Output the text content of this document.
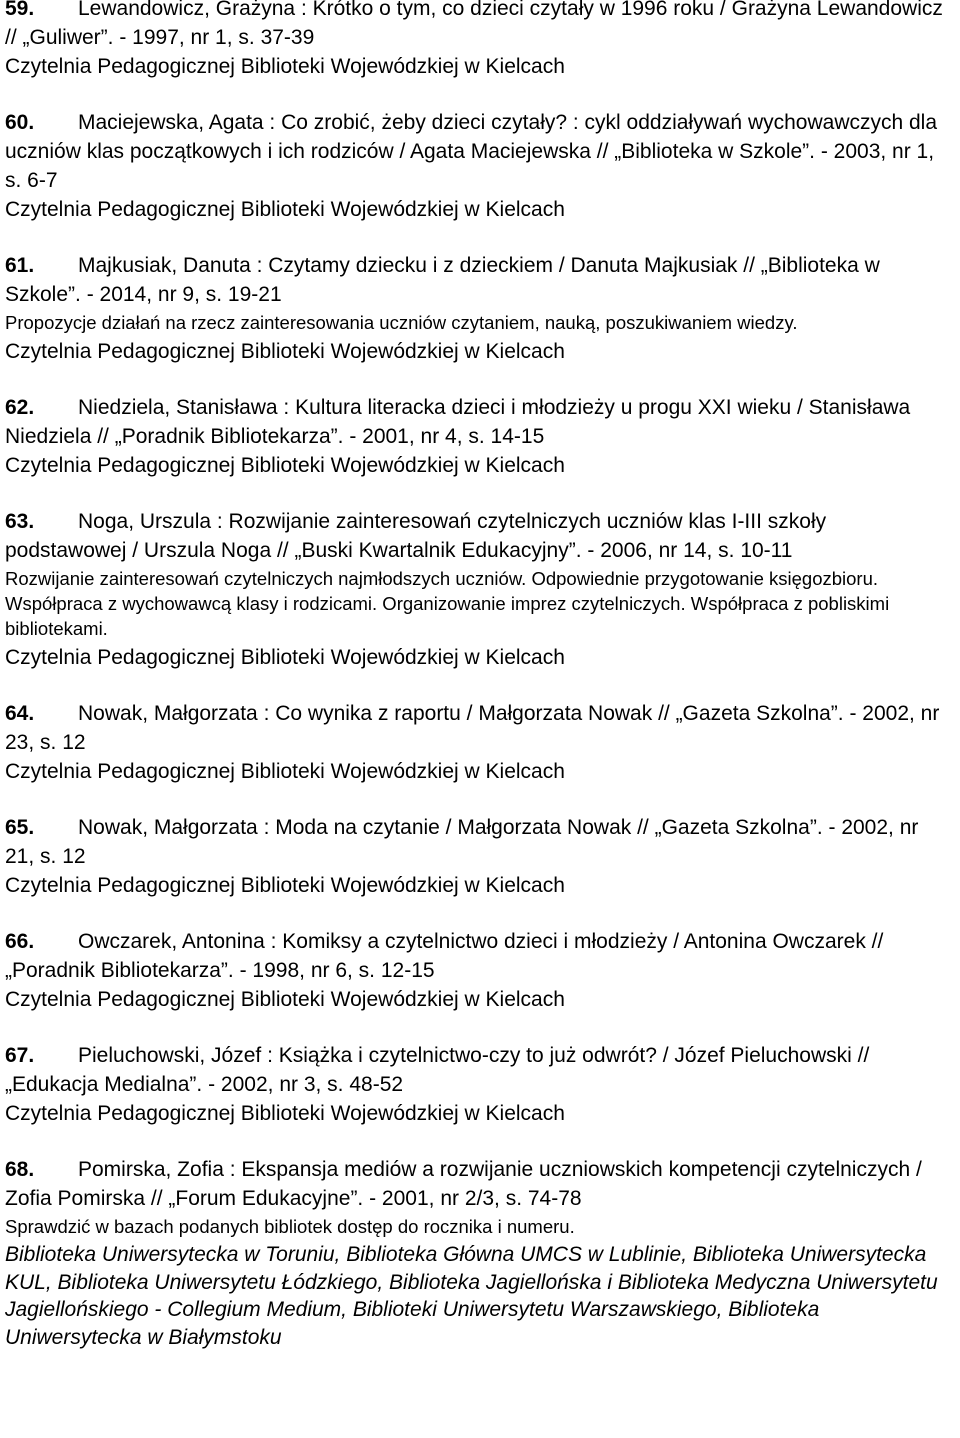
59. Lewandowicz, Grażyna : Krótko o tym, co dzieci czytały w 1996 roku / Grażyna Lewandowicz // „Guliwer”. - 1997, nr 1, s. 37-39

Czytelnia Pedagogicznej Biblioteki Wojewódzkiej w Kielcach

60. Maciejewska, Agata : Co zrobić, żeby dzieci czytały? : cykl oddziaływań wychowawczych dla uczniów klas początkowych i ich rodziców / Agata Maciejewska // „Biblioteka w Szkole”. - 2003, nr 1, s. 6-7

Czytelnia Pedagogicznej Biblioteki Wojewódzkiej w Kielcach

61. Majkusiak, Danuta : Czytamy dziecku i z dzieckiem / Danuta Majkusiak // „Biblioteka w Szkole”. - 2014, nr 9, s. 19-21

Propozycje działań na rzecz zainteresowania uczniów czytaniem, nauką, poszukiwaniem wiedzy.

Czytelnia Pedagogicznej Biblioteki Wojewódzkiej w Kielcach

62. Niedziela, Stanisława : Kultura literacka dzieci i młodzieży u progu XXI wieku / Stanisława Niedziela // „Poradnik Bibliotekarza”. - 2001, nr 4, s. 14-15

Czytelnia Pedagogicznej Biblioteki Wojewódzkiej w Kielcach

63. Noga, Urszula : Rozwijanie zainteresowań czytelniczych uczniów klas I-III szkoły podstawowej / Urszula Noga // „Buski Kwartalnik Edukacyjny”. - 2006, nr 14, s. 10-11

Rozwijanie zainteresowań czytelniczych najmłodszych uczniów. Odpowiednie przygotowanie księgozbioru. Współpraca z wychowawcą klasy i rodzicami. Organizowanie imprez czytelniczych. Współpraca z pobliskimi bibliotekami.

Czytelnia Pedagogicznej Biblioteki Wojewódzkiej w Kielcach

64. Nowak, Małgorzata : Co wynika z raportu / Małgorzata Nowak // „Gazeta Szkolna”. - 2002, nr 23, s. 12

Czytelnia Pedagogicznej Biblioteki Wojewódzkiej w Kielcach

65. Nowak, Małgorzata : Moda na czytanie / Małgorzata Nowak // „Gazeta Szkolna”. - 2002, nr 21, s. 12

Czytelnia Pedagogicznej Biblioteki Wojewódzkiej w Kielcach

66. Owczarek, Antonina : Komiksy a czytelnictwo dzieci i młodzieży / Antonina Owczarek // „Poradnik Bibliotekarza”. - 1998, nr 6, s. 12-15

Czytelnia Pedagogicznej Biblioteki Wojewódzkiej w Kielcach

67. Pieluchowski, Józef : Książka i czytelnictwo-czy to już odwrót? / Józef Pieluchowski // „Edukacja Medialna”. - 2002, nr 3, s. 48-52

Czytelnia Pedagogicznej Biblioteki Wojewódzkiej w Kielcach

68. Pomirska, Zofia : Ekspansja mediów a rozwijanie uczniowskich kompetencji czytelniczych / Zofia Pomirska // „Forum Edukacyjne”. - 2001, nr 2/3, s. 74-78

Sprawdzić w bazach podanych bibliotek dostęp do rocznika i numeru.

Biblioteka Uniwersytecka w Toruniu, Biblioteka Główna UMCS w Lublinie, Biblioteka Uniwersytecka KUL, Biblioteka Uniwersytetu Łódzkiego, Biblioteka Jagiellońska i Biblioteka Medyczna Uniwersytetu Jagiellońskiego - Collegium Medium, Biblioteki Uniwersytetu Warszawskiego, Biblioteka Uniwersytecka w Białymstoku
